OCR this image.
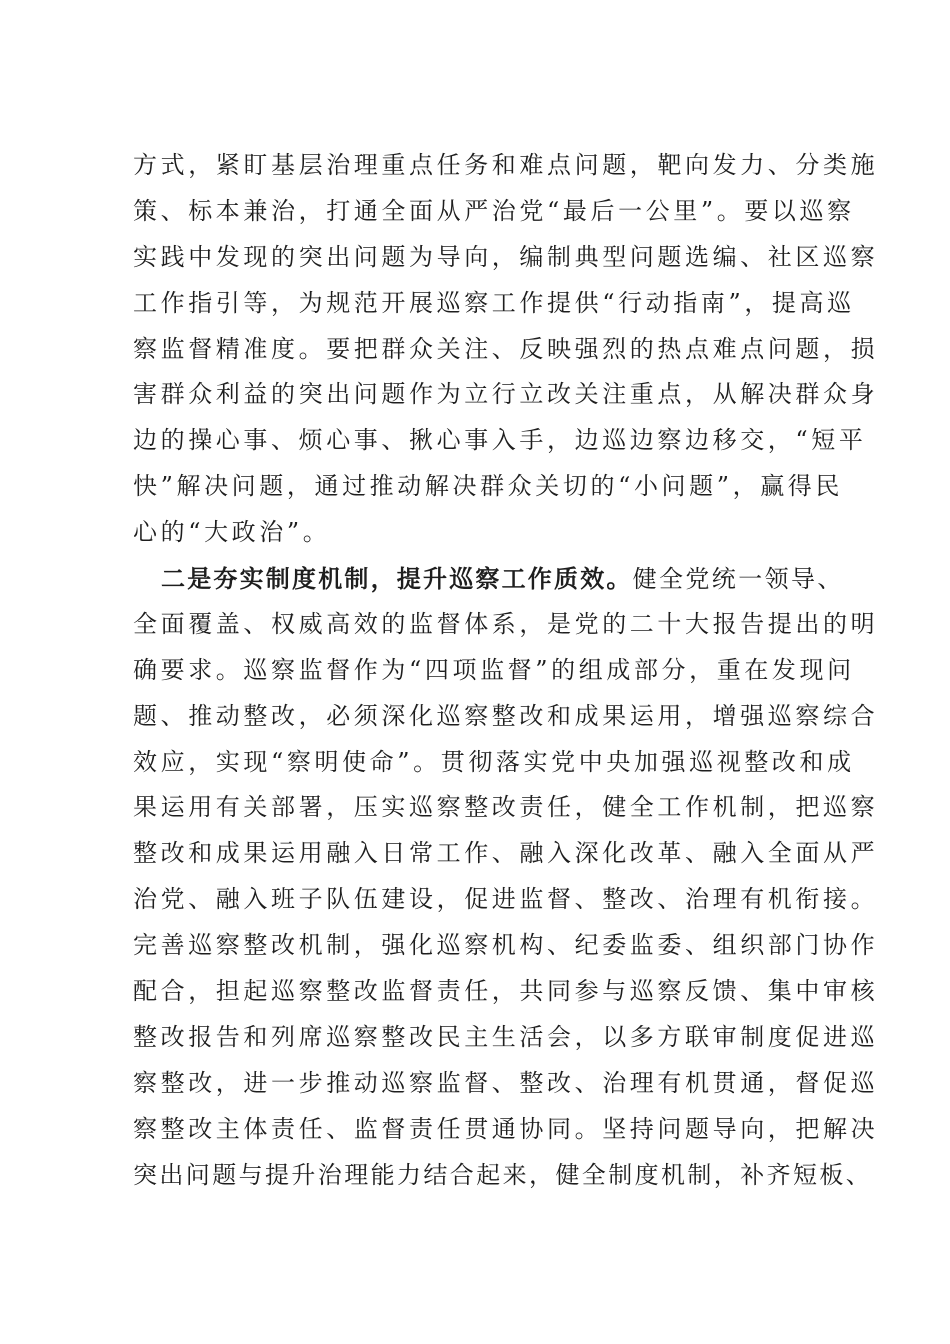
方式，紧盯基层治理重点任务和难点问题，靶向发力、分类施
策、标本兼治，打通全面从严治党“最后一公里”。要以巡察
实践中发现的突出问题为导向，编制典型问题选编、社区巡察
工作指引等，为规范开展巡察工作提供“行动指南”，提高巡
察监督精准度。要把群众关注、反映强烈的热点难点问题，损
害群众利益的突出问题作为立行立改关注重点，从解决群众身
边的操心事、烦心事、揪心事入手，边巡边察边移交，“短平
快”解决问题，通过推动解决群众关切的“小问题”，赢得民
心的“大政治”。
二是夯实制度机制，提升巡察工作质效。健全党统一领导、
全面覆盖、权威高效的监督体系，是党的二十大报告提出的明
确要求。巡察监督作为“四项监督”的组成部分，重在发现问
题、推动整改，必须深化巡察整改和成果运用，增强巡察综合
效应，实现“察明使命”。贯彻落实党中央加强巡视整改和成
果运用有关部署，压实巡察整改责任，健全工作机制，把巡察
整改和成果运用融入日常工作、融入深化改革、融入全面从严
治党、融入班子队伍建设，促进监督、整改、治理有机衔接。
完善巡察整改机制，强化巡察机构、纪委监委、组织部门协作
配合，担起巡察整改监督责任，共同参与巡察反馈、集中审核
整改报告和列席巡察整改民主生活会，以多方联审制度促进巡
察整改，进一步推动巡察监督、整改、治理有机贯通，督促巡
察整改主体责任、监督责任贯通协同。坚持问题导向，把解决
突出问题与提升治理能力结合起来，健全制度机制，补齐短板、
